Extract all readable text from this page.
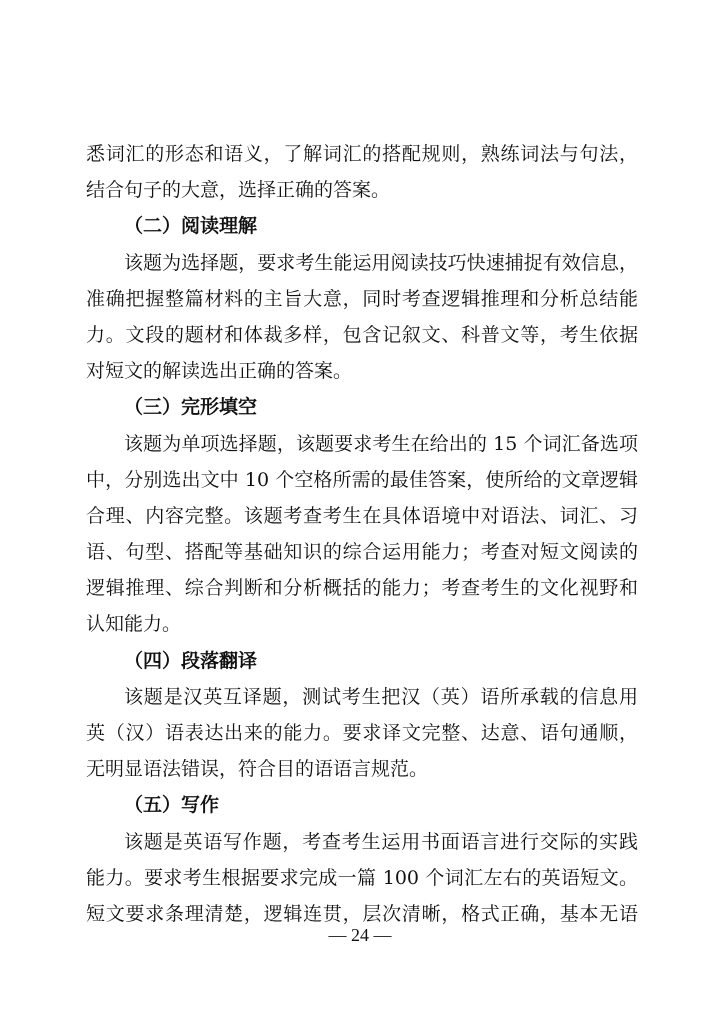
悉词汇的形态和语义，了解词汇的搭配规则，熟练词法与句法，
结合句子的大意，选择正确的答案。
（二）阅读理解
该题为选择题，要求考生能运用阅读技巧快速捕捉有效信息，
准确把握整篇材料的主旨大意，同时考查逻辑推理和分析总结能
力。文段的题材和体裁多样，包含记叙文、科普文等，考生依据
对短文的解读选出正确的答案。
（三）完形填空
该题为单项选择题，该题要求考生在给出的 15 个词汇备选项
中，分别选出文中 10 个空格所需的最佳答案，使所给的文章逻辑
合理、内容完整。该题考查考生在具体语境中对语法、词汇、习
语、句型、搭配等基础知识的综合运用能力；考查对短文阅读的
逻辑推理、综合判断和分析概括的能力；考查考生的文化视野和
认知能力。
（四）段落翻译
该题是汉英互译题，测试考生把汉（英）语所承载的信息用
英（汉）语表达出来的能力。要求译文完整、达意、语句通顺，
无明显语法错误，符合目的语语言规范。
（五）写作
该题是英语写作题，考查考生运用书面语言进行交际的实践
能力。要求考生根据要求完成一篇 100 个词汇左右的英语短文。
短文要求条理清楚，逻辑连贯，层次清晰，格式正确，基本无语
— 24 —
